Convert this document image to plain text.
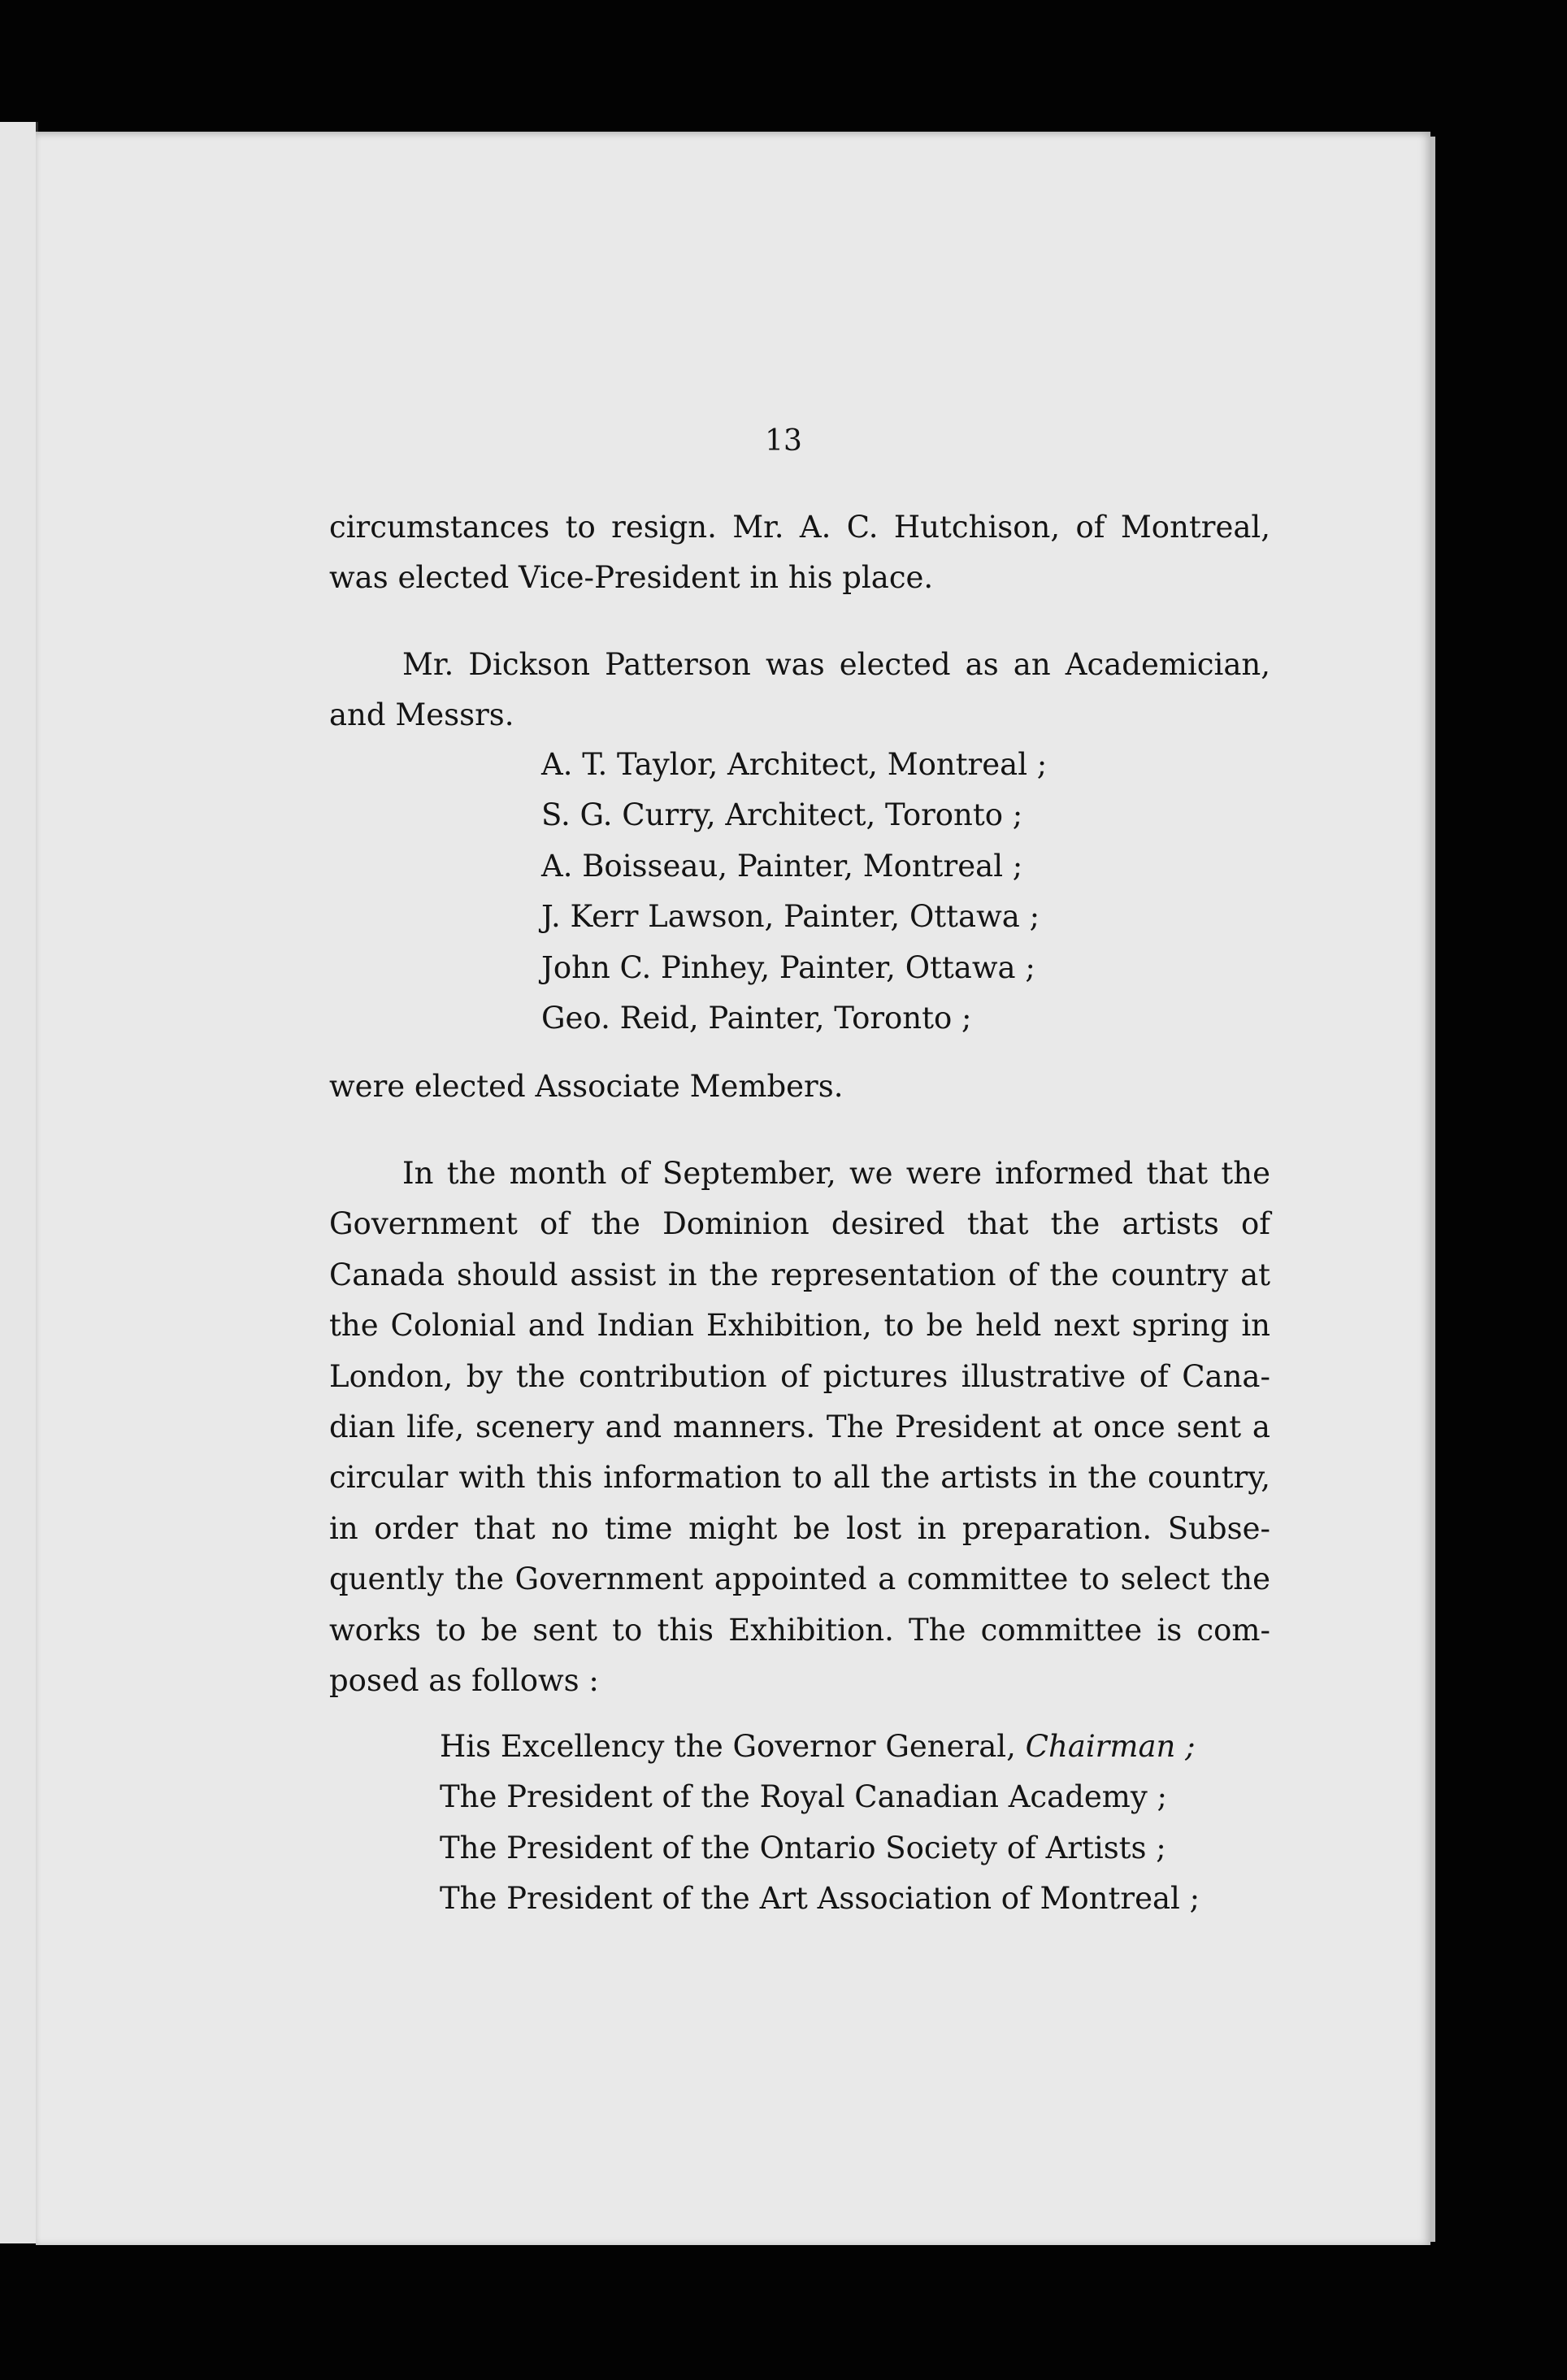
13
circumstances to resign. Mr. A. C. Hutchison, of Montreal,
was elected Vice-President in his place.
Mr. Dickson Patterson was elected as an Academician,
and Messrs.
A. T. Taylor, Architect, Montreal ;
S. G. Curry, Architect, Toronto ;
A. Boisseau, Painter, Montreal ;
J. Kerr Lawson, Painter, Ottawa ;
John C. Pinhey, Painter, Ottawa ;
Geo. Reid, Painter, Toronto ;
were elected Associate Members.
In the month of September, we were informed that the
Government of the Dominion desired that the artists of
Canada should assist in the representation of the country at
the Colonial and Indian Exhibition, to be held next spring in
London, by the contribution of pictures illustrative of Cana-
dian life, scenery and manners. The President at once sent a
circular with this information to all the artists in the country,
in order that no time might be lost in preparation. Subse-
quently the Government appointed a committee to select the
works to be sent to this Exhibition. The committee is com-
posed as follows :
His Excellency the Governor General, Chairman ;
The President of the Royal Canadian Academy ;
The President of the Ontario Society of Artists ;
The President of the Art Association of Montreal ;
